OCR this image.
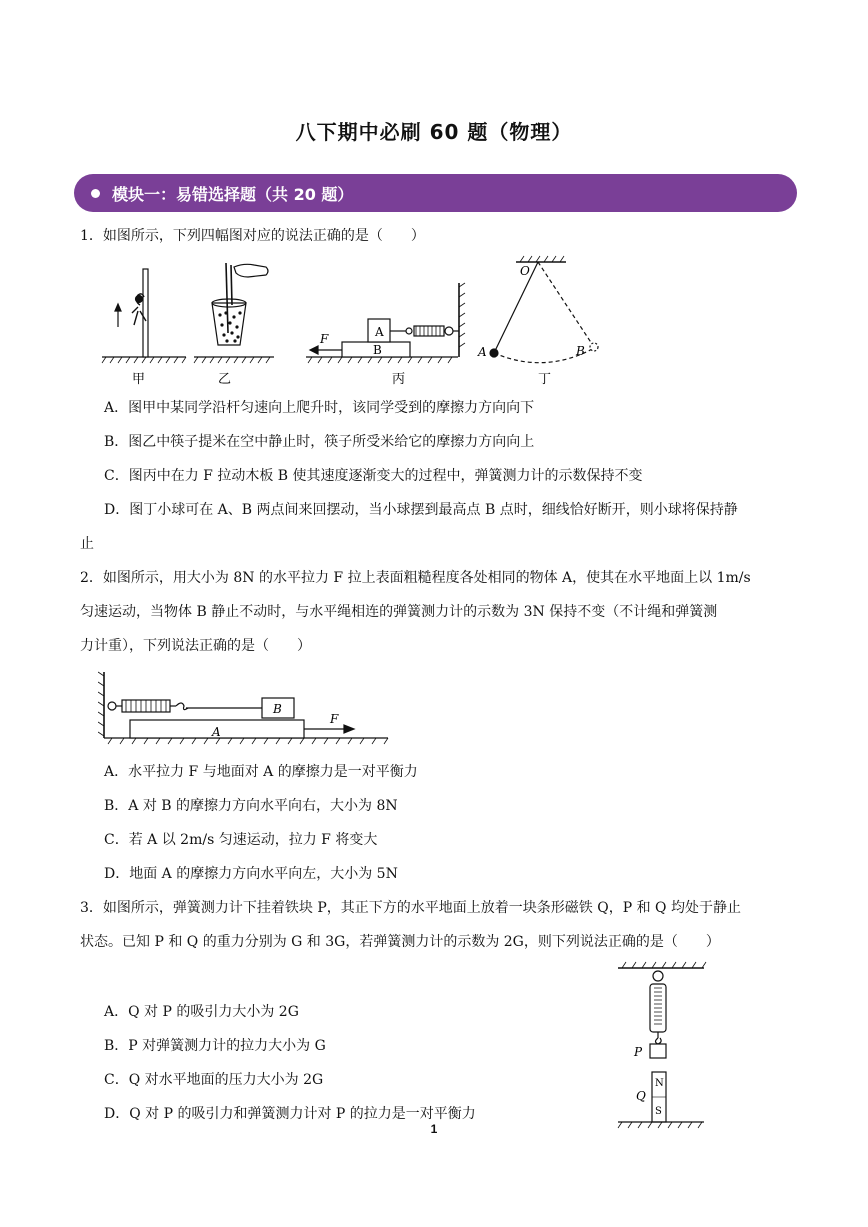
八下期中必刷 60 题（物理）
模块一：易错选择题（共 20 题）
1．如图所示，下列四幅图对应的说法正确的是（　　）
F	A
B
O
A	B
甲	乙	丙	丁
A．图甲中某同学沿杆匀速向上爬升时，该同学受到的摩擦力方向向下
B．图乙中筷子提米在空中静止时，筷子所受米给它的摩擦力方向向上
C．图丙中在力 F 拉动木板 B 使其速度逐渐变大的过程中，弹簧测力计的示数保持不变
D．图丁小球可在 A、B 两点间来回摆动，当小球摆到最高点 B 点时，细线恰好断开，则小球将保持静
止
2．如图所示，用大小为 8N 的水平拉力 F 拉上表面粗糙程度各处相同的物体 A，使其在水平地面上以 1m/s
匀速运动，当物体 B 静止不动时，与水平绳相连的弹簧测力计的示数为 3N 保持不变（不计绳和弹簧测
力计重），下列说法正确的是（　　）
B
A
F
A．水平拉力 F 与地面对 A 的摩擦力是一对平衡力
B．A 对 B 的摩擦力方向水平向右，大小为 8N
C．若 A 以 2m/s 匀速运动，拉力 F 将变大
D．地面 A 的摩擦力方向水平向左，大小为 5N
3．如图所示，弹簧测力计下挂着铁块 P，其正下方的水平地面上放着一块条形磁铁 Q，P 和 Q 均处于静止
状态。已知 P 和 Q 的重力分别为 G 和 3G，若弹簧测力计的示数为 2G，则下列说法正确的是（　　）
P
Q
N
S
A．Q 对 P 的吸引力大小为 2G
B．P 对弹簧测力计的拉力大小为 G
C．Q 对水平地面的压力大小为 2G
D．Q 对 P 的吸引力和弹簧测力计对 P 的拉力是一对平衡力
1
